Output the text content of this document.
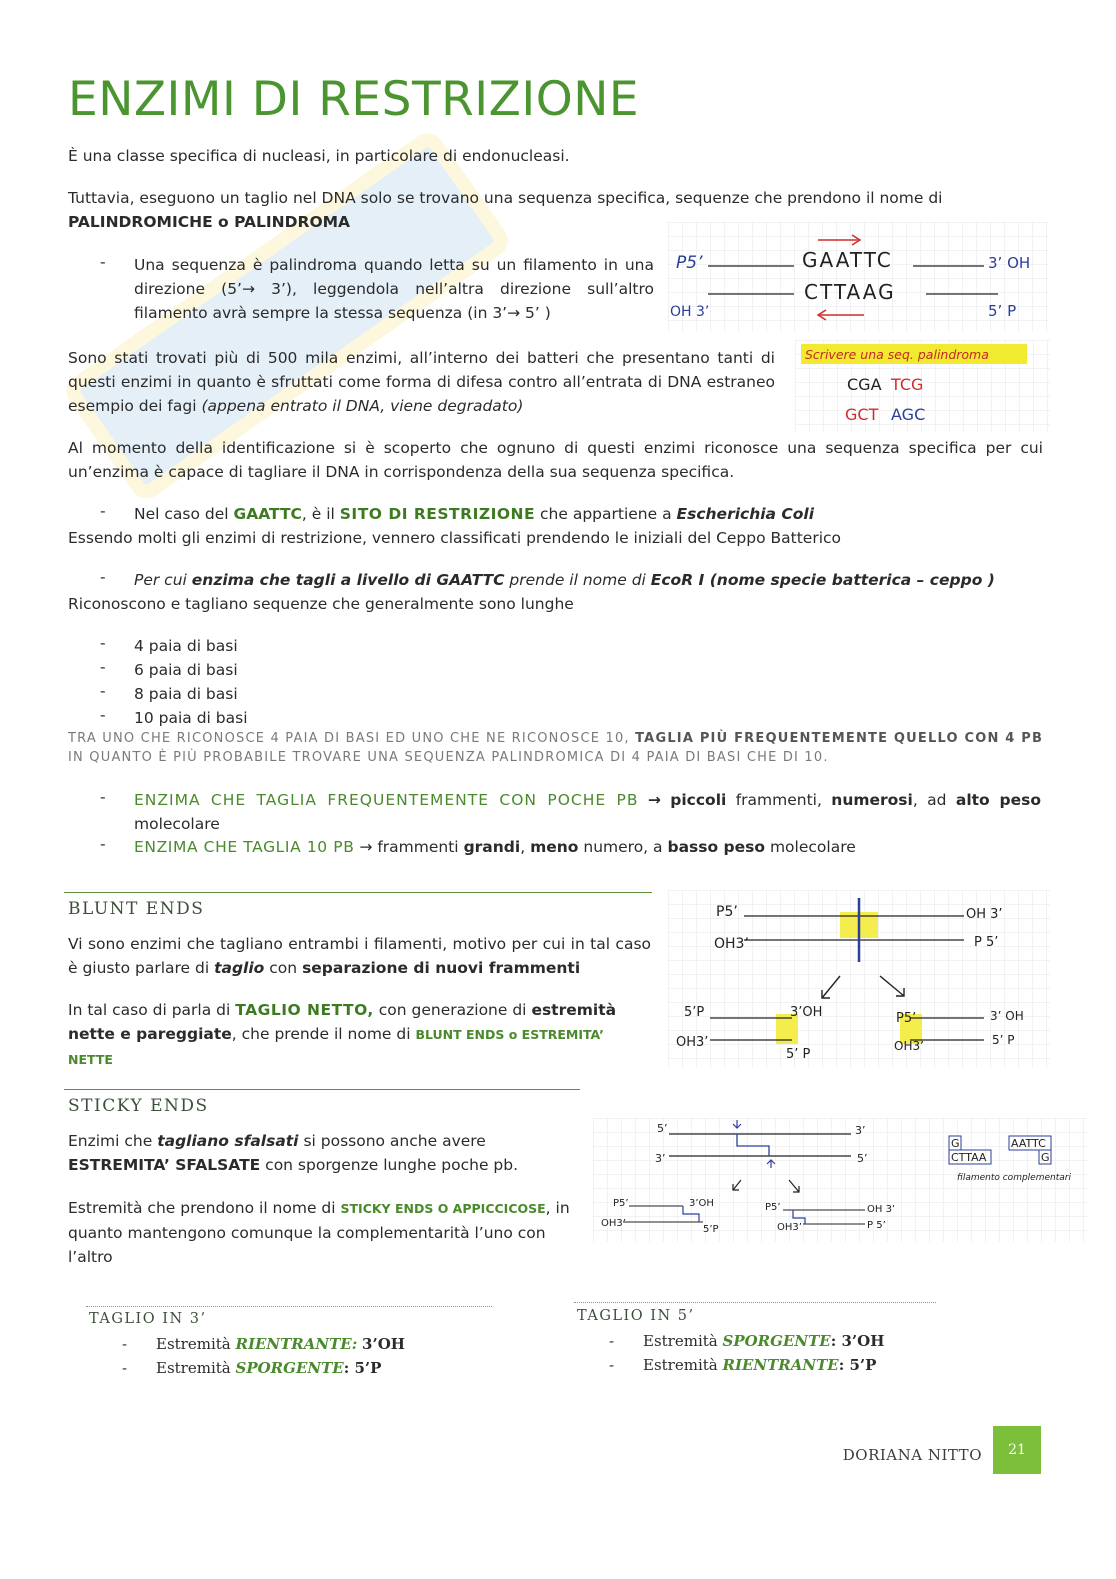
ENZIMI DI RESTRIZIONE

È una classe specifica di nucleasi, in particolare di endonucleasi.

Tuttavia, eseguono un taglio nel DNA solo se trovano una sequenza specifica, sequenze che prendono il nome di
PALINDROMICHE o PALINDROMA

- Una sequenza è palindroma quando letta su un filamento in una direzione (5’→ 3’), leggendola nell’altra direzione sull’altro filamento avrà sempre la stessa sequenza (in 3’→ 5’ )

Sono stati trovati più di 500 mila enzimi, all’interno dei batteri che presentano tanti di questi enzimi in quanto è sfruttati come forma di difesa contro all’entrata di DNA estraneo esempio dei fagi (appena entrato il DNA, viene degradato)

Al momento della identificazione si è scoperto che ognuno di questi enzimi riconosce una sequenza specifica per cui un’enzima è capace di tagliare il DNA in corrispondenza della sua sequenza specifica.

- Nel caso del GAATTC, è il SITO DI RESTRIZIONE che appartiene a Escherichia Coli

Essendo molti gli enzimi di restrizione, vennero classificati prendendo le iniziali del Ceppo Batterico

- Per cui enzima che tagli a livello di GAATTC prende il nome di EcoR I (nome specie batterica – ceppo )

Riconoscono e tagliano sequenze che generalmente sono lunghe

- 4 paia di basi

- 6 paia di basi

- 8 paia di basi

- 10 paia di basi

TRA UNO CHE RICONOSCE 4 PAIA DI BASI ED UNO CHE NE RICONOSCE 10, TAGLIA PIÙ FREQUENTEMENTE QUELLO CON 4 PB
IN QUANTO È PIÙ PROBABILE TROVARE UNA SEQUENZA PALINDROMICA DI 4 PAIA DI BASI CHE DI 10.
- ENZIMA CHE TAGLIA FREQUENTEMENTE CON POCHE PB → piccoli frammenti, numerosi, ad alto peso molecolare

- ENZIMA CHE TAGLIA 10 PB → frammenti grandi, meno numero, a basso peso molecolare

BLUNT ENDS

Vi sono enzimi che tagliano entrambi i filamenti, motivo per cui in tal caso è giusto parlare di taglio con separazione di nuovi frammenti

In tal caso di parla di TAGLIO NETTO, con generazione di estremità nette e pareggiate, che prende il nome di BLUNT ENDS o ESTREMITA’ NETTE

STICKY ENDS

Enzimi che tagliano sfalsati si possono anche avere ESTREMITA’ SFALSATE con sporgenze lunghe poche pb.

Estremità che prendono il nome di STICKY ENDS O APPICCICOSE, in quanto mantengono comunque la complementarità l’uno con l’altro

TAGLIO IN 3’
- Estremità RIENTRANTE: 3’OH
- Estremità SPORGENTE: 5’P
TAGLIO IN 5’
- Estremità SPORGENTE: 3’OH
- Estremità RIENTRANTE: 5’P
P5’	GAATTC	3’ OH
OH 3’
CTTAAG
5’ P
Scrivere una seq. palindroma
CGA TCG
GCT AGC
P5’	OH 3’
OH3’	P 5’
5’P	3’OH
OH3’
5’ P
P5’	3’ OH
OH3’	5’ P
5’	3’
3’	5’
P5’	3’OH
OH3’
5’P
P5’	OH 3’
OH3’	P 5’
G
CTTAA
AATTC
G
filamento complementari
DORIANA NITTO	21
